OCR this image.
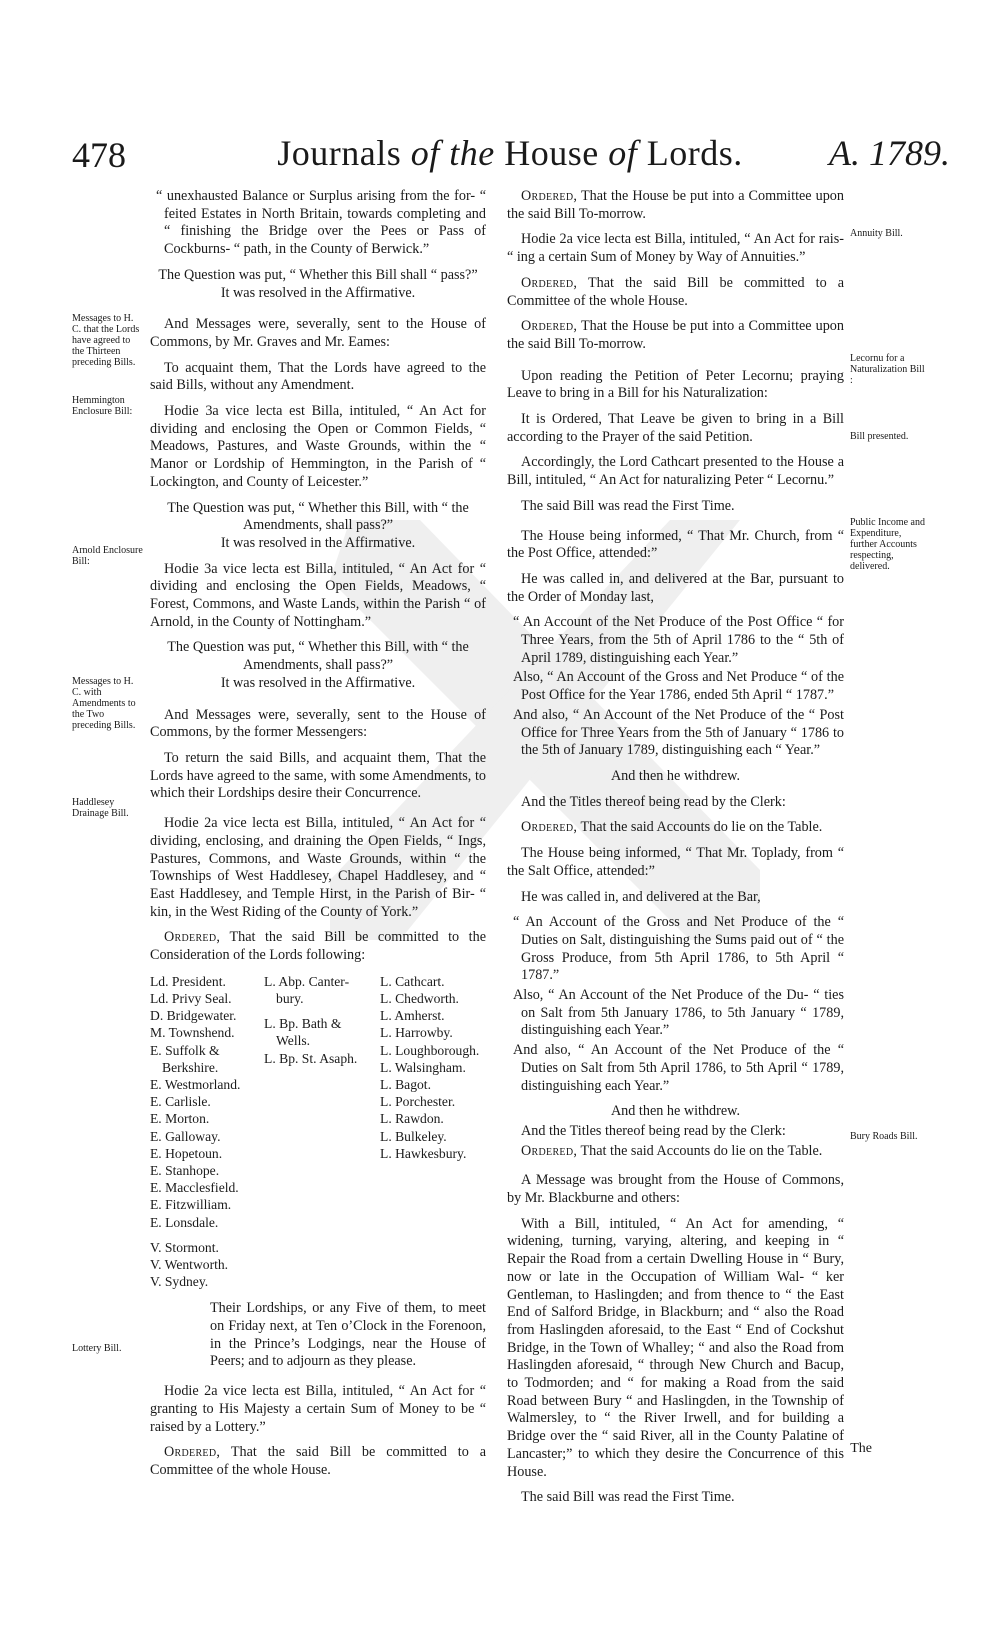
478	Journals of the House of Lords.	A. 1789.
Messages to H. C. that the Lords have agreed to the Thirteen preceding Bills.
Hemmington Enclosure Bill:
Arnold Enclosure Bill:
Messages to H. C. with Amendments to the Two preceding Bills.
Haddlesey Drainage Bill.
Lottery Bill.
Annuity Bill.
Lecornu for a Naturalization Bill :
Bill presented.
Public Income and Expenditure, further Accounts respecting, delivered.
Bury Roads Bill.

“ unexhausted Balance or Surplus arising from the for- “ feited Estates in North Britain, towards completing and “ finishing the Bridge over the Pees or Pass of Cockburns- “ path, in the County of Berwick.”

The Question was put, “ Whether this Bill shall “ pass?”

It was resolved in the Affirmative.

And Messages were, severally, sent to the House of Commons, by Mr. Graves and Mr. Eames:

To acquaint them, That the Lords have agreed to the said Bills, without any Amendment.

Hodie 3a vice lecta est Billa, intituled, “ An Act for dividing and enclosing the Open or Common Fields, “ Meadows, Pastures, and Waste Grounds, within the “ Manor or Lordship of Hemmington, in the Parish of “ Lockington, and County of Leicester.”

The Question was put, “ Whether this Bill, with “ the Amendments, shall pass?”

It was resolved in the Affirmative.

Hodie 3a vice lecta est Billa, intituled, “ An Act for “ dividing and enclosing the Open Fields, Meadows, “ Forest, Commons, and Waste Lands, within the Parish “ of Arnold, in the County of Nottingham.”

The Question was put, “ Whether this Bill, with “ the Amendments, shall pass?”

It was resolved in the Affirmative.

And Messages were, severally, sent to the House of Commons, by the former Messengers:

To return the said Bills, and acquaint them, That the Lords have agreed to the same, with some Amendments, to which their Lordships desire their Concurrence.

Hodie 2a vice lecta est Billa, intituled, “ An Act for “ dividing, enclosing, and draining the Open Fields, “ Ings, Pastures, Commons, and Waste Grounds, within “ the Townships of West Haddlesey, Chapel Haddlesey, and “ East Haddlesey, and Temple Hirst, in the Parish of Bir- “ kin, in the West Riding of the County of York.”

Ordered, That the said Bill be committed to the Consideration of the Lords following:

Ld. President.
Ld. Privy Seal.
D. Bridgewater.
M. Townshend.
E. Suffolk &
Berkshire.
E. Westmorland.
E. Carlisle.
E. Morton.
E. Galloway.
E. Hopetoun.
E. Stanhope.
E. Macclesfield.
E. Fitzwilliam.
E. Lonsdale.
V. Stormont.
V. Wentworth.
V. Sydney.
L. Abp. Canter-
bury.
L. Bp. Bath &
Wells.
L. Bp. St. Asaph.
L. Cathcart.
L. Chedworth.
L. Amherst.
L. Harrowby.
L. Loughborough.
L. Walsingham.
L. Bagot.
L. Porchester.
L. Rawdon.
L. Bulkeley.
L. Hawkesbury.

Their Lordships, or any Five of them, to meet on Friday next, at Ten o’Clock in the Forenoon, in the Prince’s Lodgings, near the House of Peers; and to adjourn as they please.

Hodie 2a vice lecta est Billa, intituled, “ An Act for “ granting to His Majesty a certain Sum of Money to be “ raised by a Lottery.”

Ordered, That the said Bill be committed to a Committee of the whole House.

Ordered, That the House be put into a Committee upon the said Bill To-morrow.

Hodie 2a vice lecta est Billa, intituled, “ An Act for rais- “ ing a certain Sum of Money by Way of Annuities.”

Ordered, That the said Bill be committed to a Committee of the whole House.

Ordered, That the House be put into a Committee upon the said Bill To-morrow.

Upon reading the Petition of Peter Lecornu; praying Leave to bring in a Bill for his Naturalization:

It is Ordered, That Leave be given to bring in a Bill according to the Prayer of the said Petition.

Accordingly, the Lord Cathcart presented to the House a Bill, intituled, “ An Act for naturalizing Peter “ Lecornu.”

The said Bill was read the First Time.

The House being informed, “ That Mr. Church, from “ the Post Office, attended:”

He was called in, and delivered at the Bar, pursuant to the Order of Monday last,

“ An Account of the Net Produce of the Post Office “ for Three Years, from the 5th of April 1786 to the “ 5th of April 1789, distinguishing each Year.”

Also, “ An Account of the Gross and Net Produce “ of the Post Office for the Year 1786, ended 5th April “ 1787.”

And also, “ An Account of the Net Produce of the “ Post Office for Three Years from the 5th of January “ 1786 to the 5th of January 1789, distinguishing each “ Year.”

And then he withdrew.

And the Titles thereof being read by the Clerk:

Ordered, That the said Accounts do lie on the Table.

The House being informed, “ That Mr. Toplady, from “ the Salt Office, attended:”

He was called in, and delivered at the Bar,

“ An Account of the Gross and Net Produce of the “ Duties on Salt, distinguishing the Sums paid out of “ the Gross Produce, from 5th April 1786, to 5th April “ 1787.”

Also, “ An Account of the Net Produce of the Du- “ ties on Salt from 5th January 1786, to 5th January “ 1789, distinguishing each Year.”

And also, “ An Account of the Net Produce of the “ Duties on Salt from 5th April 1786, to 5th April “ 1789, distinguishing each Year.”

And then he withdrew.

And the Titles thereof being read by the Clerk:

Ordered, That the said Accounts do lie on the Table.

A Message was brought from the House of Commons, by Mr. Blackburne and others:

With a Bill, intituled, “ An Act for amending, “ widening, turning, varying, altering, and keeping in “ Repair the Road from a certain Dwelling House in “ Bury, now or late in the Occupation of William Wal- “ ker Gentleman, to Haslingden; and from thence to “ the East End of Salford Bridge, in Blackburn; and “ also the Road from Haslingden aforesaid, to the East “ End of Cockshut Bridge, in the Town of Whalley; “ and also the Road from Haslingden aforesaid, “ through New Church and Bacup, to Todmorden; and “ for making a Road from the said Road between Bury “ and Haslingden, in the Township of Walmersley, to “ the River Irwell, and for building a Bridge over the “ said River, all in the County Palatine of Lancaster;” to which they desire the Concurrence of this House.

The said Bill was read the First Time.

The
